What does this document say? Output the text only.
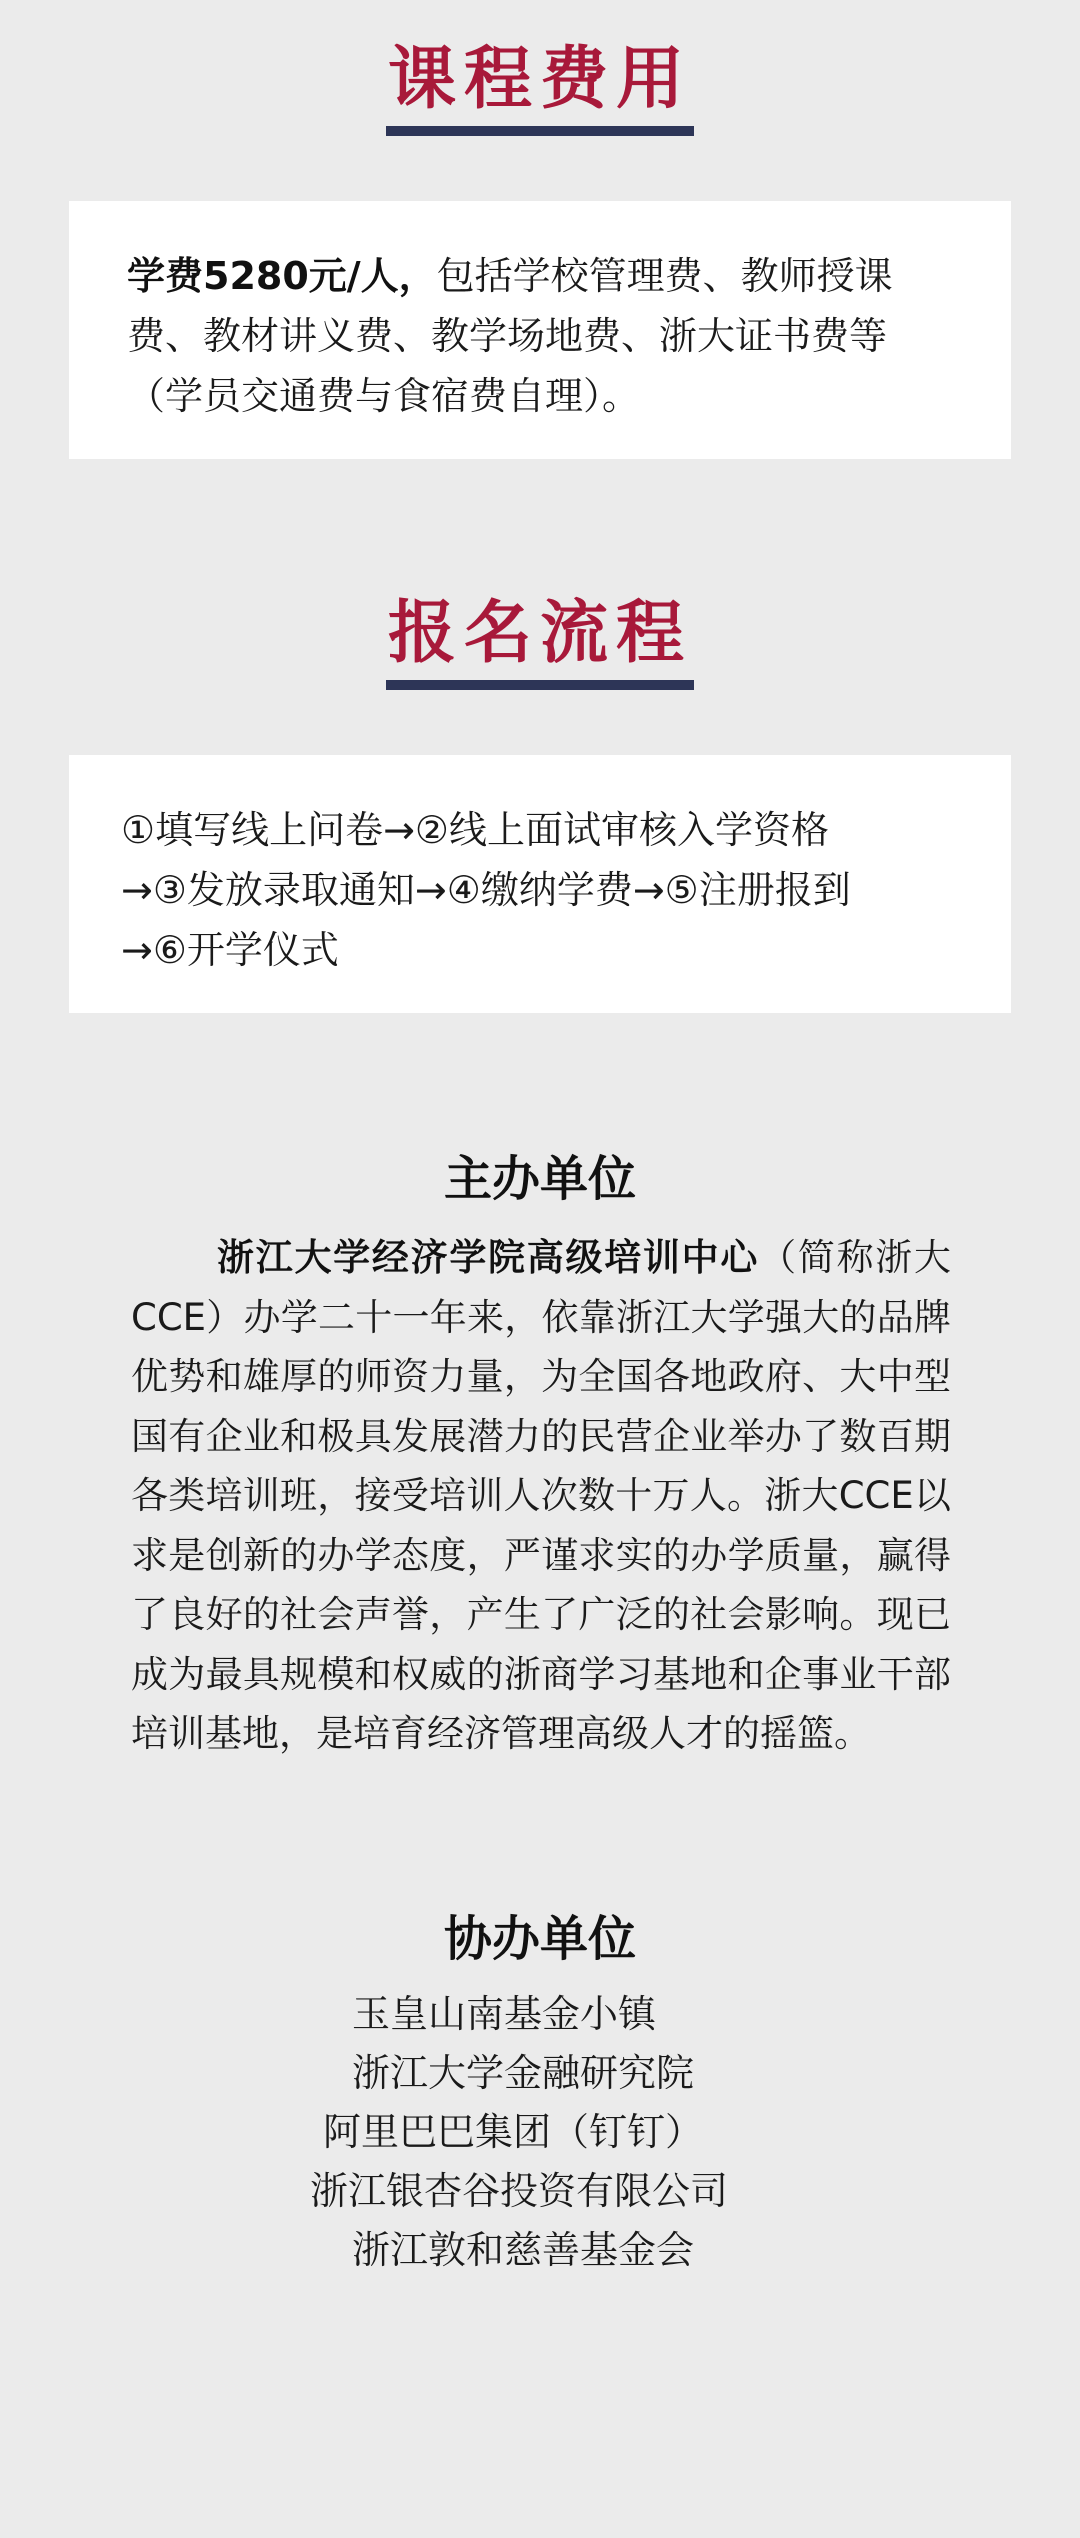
课程费用

学费5280元/人，包括学校管理费、教师授课费、教材讲义费、教学场地费、浙大证书费等（学员交通费与食宿费自理）。

报名流程

①填写线上问卷→②线上面试审核入学资格

→③发放录取通知→④缴纳学费→⑤注册报到

→⑥开学仪式

主办单位

浙江大学经济学院高级培训中心（简称浙大CCE）办学二十一年来，依靠浙江大学强大的品牌优势和雄厚的师资力量，为全国各地政府、大中型国有企业和极具发展潜力的民营企业举办了数百期各类培训班，接受培训人次数十万人。浙大CCE以求是创新的办学态度，严谨求实的办学质量，赢得了良好的社会声誉，产生了广泛的社会影响。现已成为最具规模和权威的浙商学习基地和企事业干部培训基地，是培育经济管理高级人才的摇篮。

协办单位
玉皇山南基金小镇
浙江大学金融研究院
阿里巴巴集团（钉钉）
浙江银杏谷投资有限公司
浙江敦和慈善基金会
